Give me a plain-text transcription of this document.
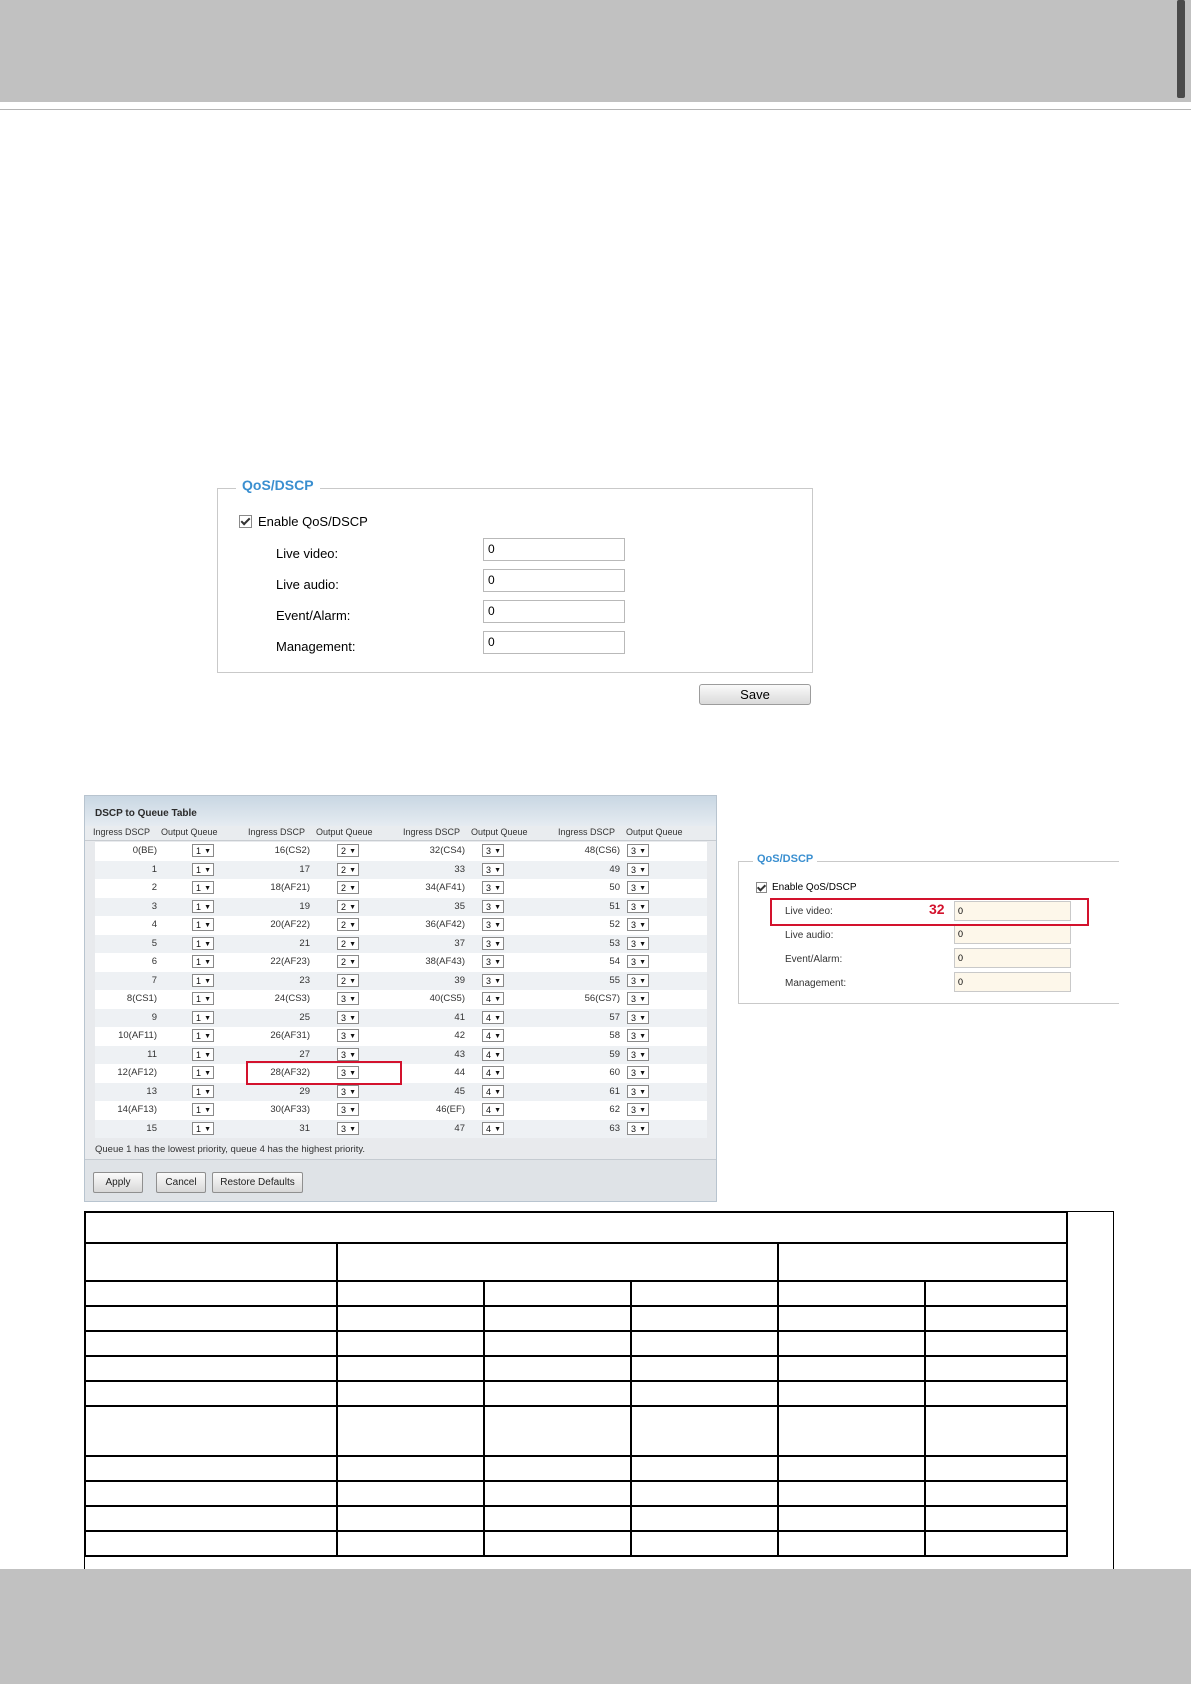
QoS/DSCP
Enable QoS/DSCP
Live video:	0
Live audio:	0
Event/Alarm:	0
Management:	0
Save
DSCP to Queue Table
Ingress DSCP Output Queue	Ingress DSCP Output Queue	Ingress DSCP Output Queue	Ingress DSCP Output Queue
0(BE)	1 ▼	16(CS2)	2 ▼	32(CS4)	3 ▼	48(CS6)	3 ▼
1	1 ▼	17	2 ▼	33	3 ▼	49	3 ▼
2	1 ▼	18(AF21)	2 ▼	34(AF41)	3 ▼	50	3 ▼
3	1 ▼	19	2 ▼	35	3 ▼	51	3 ▼
4	1 ▼	20(AF22)	2 ▼	36(AF42)	3 ▼	52	3 ▼
5	1 ▼	21	2 ▼	37	3 ▼	53	3 ▼
6	1 ▼	22(AF23)	2 ▼	38(AF43)	3 ▼	54	3 ▼
7	1 ▼	23	2 ▼	39	3 ▼	55	3 ▼
8(CS1)	1 ▼	24(CS3)	3 ▼	40(CS5)	4 ▼	56(CS7)	3 ▼
9	1 ▼	25	3 ▼	41	4 ▼	57	3 ▼
10(AF11)	1 ▼	26(AF31)	3 ▼	42	4 ▼	58	3 ▼
11	1 ▼	27	3 ▼	43	4 ▼	59	3 ▼
12(AF12)	1 ▼	28(AF32)	3 ▼	44	4 ▼	60	3 ▼
13	1 ▼	29	3 ▼	45	4 ▼	61	3 ▼
14(AF13)	1 ▼	30(AF33)	3 ▼	46(EF)	4 ▼	62	3 ▼
15	1 ▼	31	3 ▼	47	4 ▼	63	3 ▼
Queue 1 has the lowest priority, queue 4 has the highest priority.
Apply	Cancel	Restore Defaults
QoS/DSCP
Enable QoS/DSCP
Live video:	0
Live audio:	0
Event/Alarm:	0
Management:	0
32
